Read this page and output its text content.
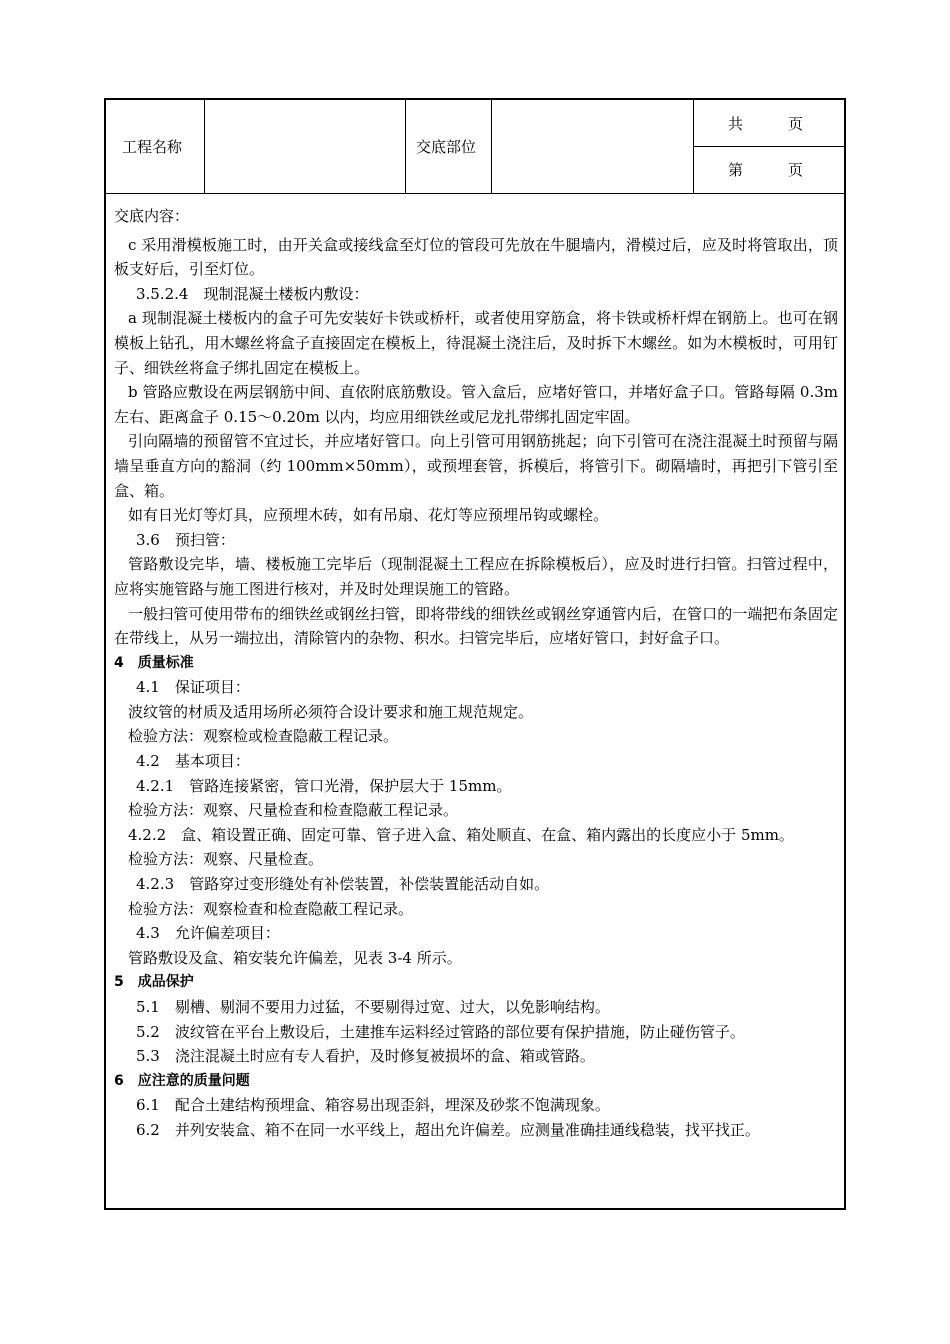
工程名称	交底部位
共　　　页
第　　　页
交底内容：

c 采用滑模板施工时，由开关盒或接线盒至灯位的管段可先放在牛腿墙内，滑模过后，应及时将管取出，顶板支好后，引至灯位。

3.5.2.4　现制混凝土楼板内敷设：

a 现制混凝土楼板内的盒子可先安装好卡铁或桥杆，或者使用穿筋盒，将卡铁或桥杆焊在钢筋上。也可在钢模板上钻孔，用木螺丝将盒子直接固定在模板上，待混凝土浇注后，及时拆下木螺丝。如为木模板时，可用钉子、细铁丝将盒子绑扎固定在模板上。

b 管路应敷设在两层钢筋中间、直依附底筋敷设。管入盒后，应堵好管口，并堵好盒子口。管路每隔 0.3m 左右、距离盒子 0.15～0.20m 以内，均应用细铁丝或尼龙扎带绑扎固定牢固。

引向隔墙的预留管不宜过长，并应堵好管口。向上引管可用钢筋挑起；向下引管可在浇注混凝土时预留与隔墙呈垂直方向的豁洞（约 100mm×50mm），或预埋套管，拆模后，将管引下。砌隔墙时，再把引下管引至盒、箱。

如有日光灯等灯具，应预埋木砖，如有吊扇、花灯等应预埋吊钩或螺栓。

3.6　预扫管：

管路敷设完毕，墙、楼板施工完毕后（现制混凝土工程应在拆除模板后），应及时进行扫管。扫管过程中，应将实施管路与施工图进行核对，并及时处理误施工的管路。

一般扫管可使用带布的细铁丝或钢丝扫管，即将带线的细铁丝或钢丝穿通管内后，在管口的一端把布条固定在带线上，从另一端拉出，清除管内的杂物、积水。扫管完毕后，应堵好管口，封好盒子口。

4　质量标准
4.1　保证项目：

波纹管的材质及适用场所必须符合设计要求和施工规范规定。

检验方法：观察检或检查隐蔽工程记录。

4.2　基本项目：
4.2.1　管路连接紧密，管口光滑，保护层大于 15mm。

检验方法：观察、尺量检查和检查隐蔽工程记录。

4.2.2　盒、箱设置正确、固定可靠、管子进入盒、箱处顺直、在盒、箱内露出的长度应小于 5mm。

检验方法：观察、尺量检查。

4.2.3　管路穿过变形缝处有补偿装置，补偿装置能活动自如。

检验方法：观察检查和检查隐蔽工程记录。

4.3　允许偏差项目：

管路敷设及盒、箱安装允许偏差，见表 3-4 所示。

5　成品保护
5.1　剔槽、剔洞不要用力过猛，不要剔得过宽、过大，以免影响结构。
5.2　波纹管在平台上敷设后，土建推车运料经过管路的部位要有保护措施，防止碰伤管子。
5.3　浇注混凝土时应有专人看护，及时修复被损坏的盒、箱或管路。
6　应注意的质量问题
6.1　配合土建结构预埋盒、箱容易出现歪斜，埋深及砂浆不饱满现象。
6.2　并列安装盒、箱不在同一水平线上，超出允许偏差。应测量准确挂通线稳装，找平找正。
